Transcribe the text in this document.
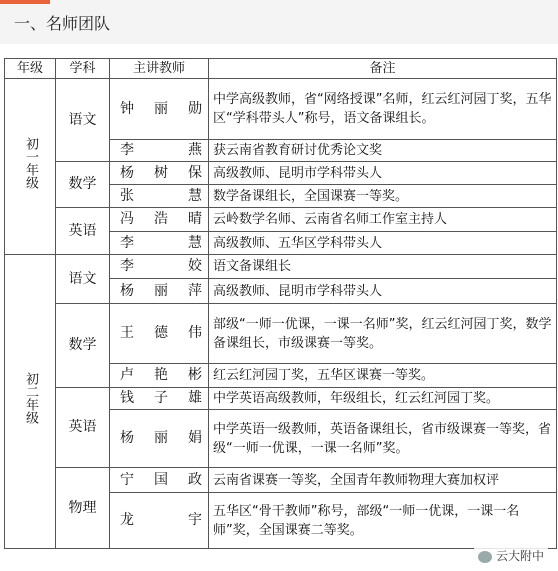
一、名师团队
年级	学科	主讲教师	备注
初一年级	语文	钟 丽 勋	中学高级教师，省“网络授课”名师，红云红河园丁奖，五华区“学科带头人”称号，语文备课组长。

		李 燕	获云南省教育研讨优秀论文奖
	数学	杨 树 保	高级教师、昆明市学科带头人

		张 慧	数学备课组长，全国课赛一等奖。
	英语	冯 浩 晴	云岭数学名师、云南省名师工作室主持人

		李 慧	高级教师、五华区学科带头人
初二年级	语文	李 姣	语文备课组长

		杨 丽 萍	高级教师、昆明市学科带头人
	数学	王 德 伟	部级“一师一优课，一课一名师”奖，红云红河园丁奖，数学备课组长，市级课赛一等奖。

		卢 艳 彬	红云红河园丁奖，五华区课赛一等奖。
	英语	钱 子 雄	中学英语高级教师，年级组长，红云红河园丁奖。

		杨 丽 娟	中学英语一级教师，英语备课组长，省市级课赛一等奖，省级“一师一优课，一课一名师”奖。
	物理	宁 国 政	云南省课赛一等奖，全国青年教师物理大赛加权评

		龙 宇	五华区“骨干教师”称号，部级“一师一优课，一课一名师”奖，全国课赛二等奖。
云大附中
